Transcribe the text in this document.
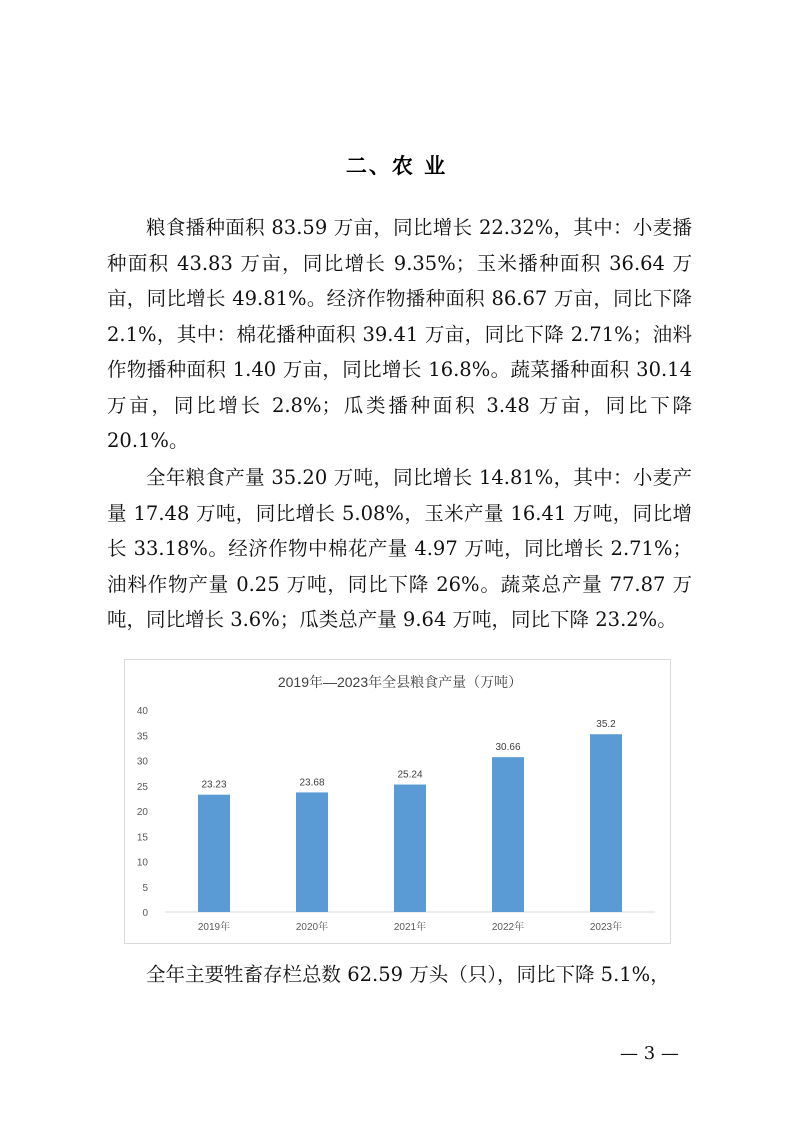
二、农 业

粮食播种面积 83.59 万亩，同比增长 22.32%，其中：小麦播种面积 43.83 万亩，同比增长 9.35%；玉米播种面积 36.64 万亩，同比增长 49.81%。经济作物播种面积 86.67 万亩，同比下降 2.1%，其中：棉花播种面积 39.41 万亩，同比下降 2.71%；油料作物播种面积 1.40 万亩，同比增长 16.8%。蔬菜播种面积 30.14 万亩，同比增长 2.8%；瓜类播种面积 3.48 万亩，同比下降 20.1%。

全年粮食产量 35.20 万吨，同比增长 14.81%，其中：小麦产量 17.48 万吨，同比增长 5.08%，玉米产量 16.41 万吨，同比增长 33.18%。经济作物中棉花产量 4.97 万吨，同比增长 2.71%；油料作物产量 0.25 万吨，同比下降 26%。蔬菜总产量 77.87 万吨，同比增长 3.6%；瓜类总产量 9.64 万吨，同比下降 23.2%。

2019年—2023年全县粮食产量（万吨）
0
5
10
15
20
25
30
35
40
23.23
2019年
23.68
2020年
25.24
2021年
30.66
2022年
35.2
2023年

全年主要牲畜存栏总数 62.59 万头（只），同比下降 5.1%，

— 3 —
